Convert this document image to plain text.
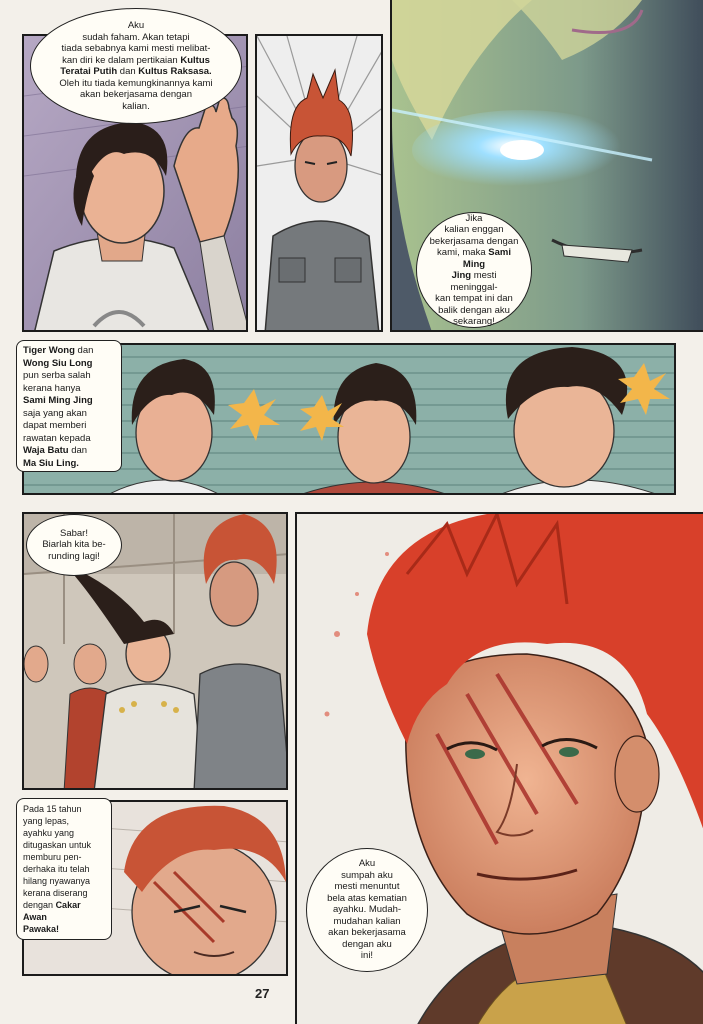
Aku
sudah faham. Akan tetapi
tiada sebabnya kami mesti melibat-
kan diri ke dalam pertikaian Kultus
Teratai Putih dan Kultus Raksasa.
Oleh itu tiada kemungkinannya kami
akan bekerjasama dengan
kalian.
Jika
kalian enggan
bekerjasama dengan
kami, maka Sami Ming
Jing mesti meninggal-
kan tempat ini dan
balik dengan aku
sekarang!
Tiger Wong dan
Wong Siu Long
pun serba salah
kerana hanya
Sami Ming Jing
saja yang akan
dapat memberi
rawatan kepada
Waja Batu dan
Ma Siu Ling.
Sabar!
Biarlah kita be-
runding lagi!
Pada 15 tahun
yang lepas,
ayahku yang
ditugaskan untuk
memburu pen-
derhaka itu telah
hilang nyawanya
kerana diserang
dengan Cakar
Awan
Pawaka!
Aku
sumpah aku
mesti menuntut
bela atas kematian
ayahku. Mudah-
mudahan kalian
akan bekerjasama
dengan aku
ini!
27
